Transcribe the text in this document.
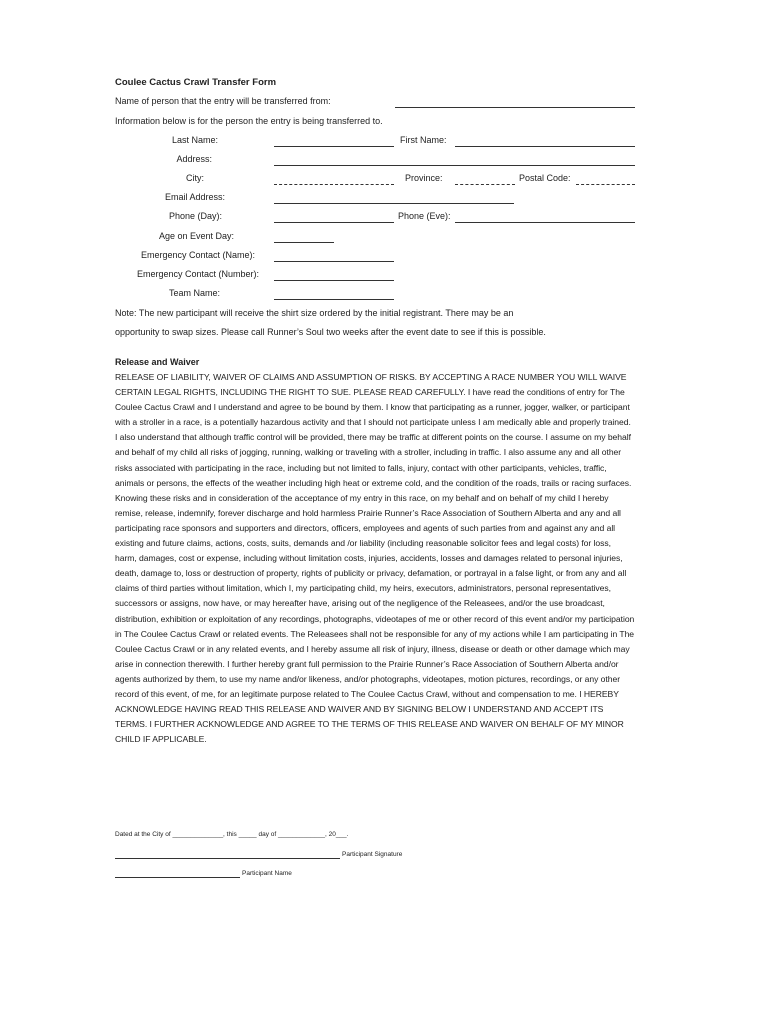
Coulee Cactus Crawl Transfer Form
Name of person that the entry will be transferred from:
Information below is for the person the entry is being transferred to.
Last Name:	First Name:
Address:
City:	Province:	Postal Code:
Email Address:
Phone (Day):	Phone (Eve):
Age on Event Day:
Emergency Contact (Name):
Emergency Contact (Number):
Team Name:
Note: The new participant will receive the shirt size ordered by the initial registrant. There may be an
opportunity to swap sizes. Please call Runner’s Soul two weeks after the event date to see if this is possible.
Release and Waiver
RELEASE OF LIABILITY, WAIVER OF CLAIMS AND ASSUMPTION OF RISKS. BY ACCEPTING A RACE NUMBER YOU WILL WAIVE CERTAIN LEGAL RIGHTS, INCLUDING THE RIGHT TO SUE. PLEASE READ CAREFULLY. I have read the conditions of entry for The Coulee Cactus Crawl and I understand and agree to be bound by them. I know that participating as a runner, jogger, walker, or participant with a stroller in a race, is a potentially hazardous activity and that I should not participate unless I am medically able and properly trained. I also understand that although traffic control will be provided, there may be traffic at different points on the course. I assume on my behalf and behalf of my child all risks of jogging, running, walking or traveling with a stroller, including in traffic. I also assume any and all other risks associated with participating in the race, including but not limited to falls, injury, contact with other participants, vehicles, traffic, animals or persons, the effects of the weather including high heat or extreme cold, and the condition of the roads, trails or racing surfaces. Knowing these risks and in consideration of the acceptance of my entry in this race, on my behalf and on behalf of my child I hereby remise, release, indemnify, forever discharge and hold harmless Prairie Runner’s Race Association of Southern Alberta and any and all participating race sponsors and supporters and directors, officers, employees and agents of such parties from and against any and all existing and future claims, actions, costs, suits, demands and /or liability (including reasonable solicitor fees and legal costs) for loss, harm, damages, cost or expense, including without limitation costs, injuries, accidents, losses and damages related to personal injuries, death, damage to, loss or destruction of property, rights of publicity or privacy, defamation, or portrayal in a false light, or from any and all claims of third parties without limitation, which I, my participating child, my heirs, executors, administrators, personal representatives, successors or assigns, now have, or may hereafter have, arising out of the negligence of the Releasees, and/or the use broadcast, distribution, exhibition or exploitation of any recordings, photographs, videotapes of me or other record of this event and/or my participation in The Coulee Cactus Crawl or related events. The Releasees shall not be responsible for any of my actions while I am participating in The Coulee Cactus Crawl or in any related events, and I hereby assume all risk of injury, illness, disease or death or other damage which may arise in connection therewith. I further hereby grant full permission to the Prairie Runner’s Race Association of Southern Alberta and/or agents authorized by them, to use my name and/or likeness, and/or photographs, videotapes, motion pictures, recordings, or any other record of this event, of me, for an legitimate purpose related to The Coulee Cactus Crawl, without and compensation to me. I HEREBY ACKNOWLEDGE HAVING READ THIS RELEASE AND WAIVER AND BY SIGNING BELOW I UNDERSTAND AND ACCEPT ITS TERMS. I FURTHER ACKNOWLEDGE AND AGREE TO THE TERMS OF THIS RELEASE AND WAIVER ON BEHALF OF MY MINOR CHILD IF APPLICABLE.
Dated at the City of ______________, this _____ day of _____________, 20___.
Participant Signature
Participant Name
